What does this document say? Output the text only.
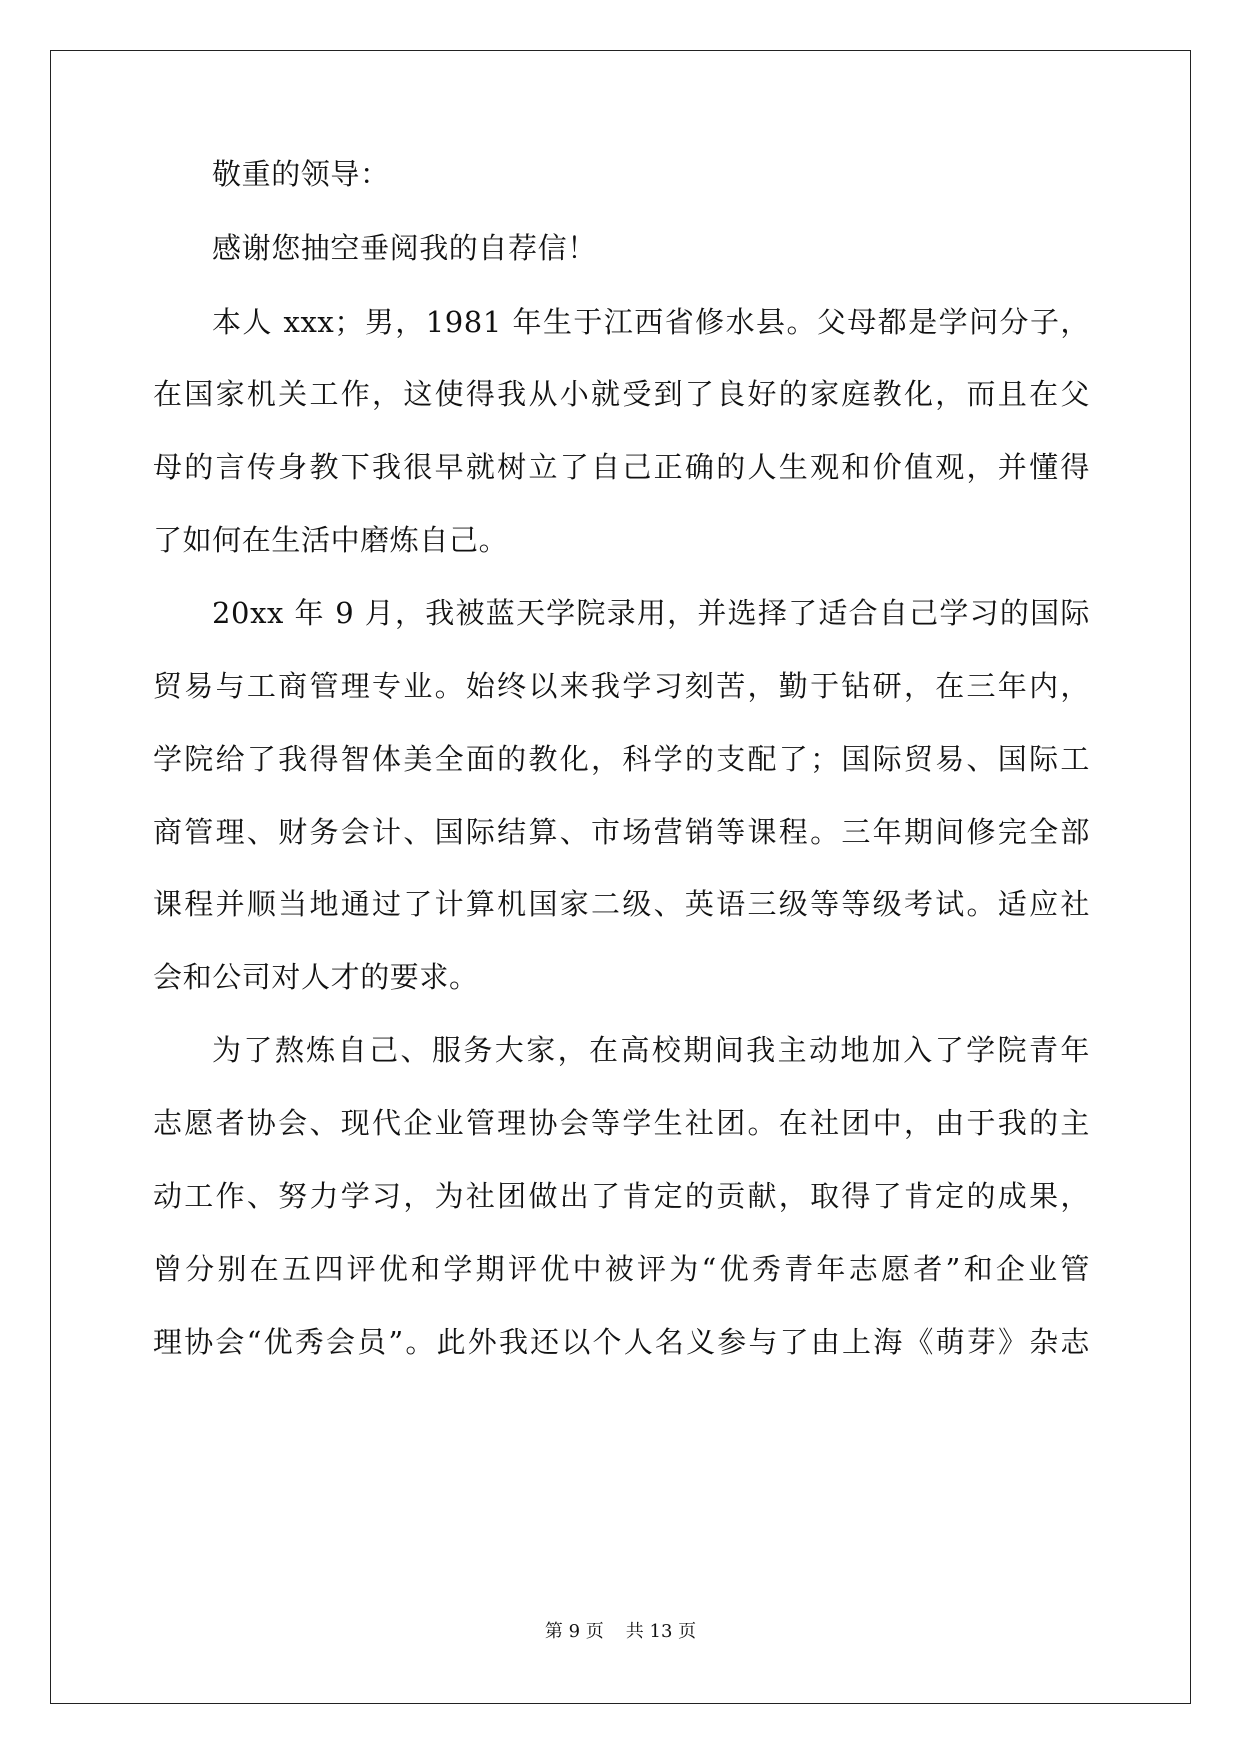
敬重的领导：
感谢您抽空垂阅我的自荐信！
本人 xxx；男，1981 年生于江西省修水县。父母都是学问分子，
在国家机关工作，这使得我从小就受到了良好的家庭教化，而且在父
母的言传身教下我很早就树立了自己正确的人生观和价值观，并懂得
了如何在生活中磨炼自己。
20xx 年 9 月，我被蓝天学院录用，并选择了适合自己学习的国际
贸易与工商管理专业。始终以来我学习刻苦，勤于钻研，在三年内，
学院给了我得智体美全面的教化，科学的支配了；国际贸易、国际工
商管理、财务会计、国际结算、市场营销等课程。三年期间修完全部
课程并顺当地通过了计算机国家二级、英语三级等等级考试。适应社
会和公司对人才的要求。
为了熬炼自己、服务大家，在高校期间我主动地加入了学院青年
志愿者协会、现代企业管理协会等学生社团。在社团中，由于我的主
动工作、努力学习，为社团做出了肯定的贡献，取得了肯定的成果，
曾分别在五四评优和学期评优中被评为“优秀青年志愿者”和企业管
理协会“优秀会员”。此外我还以个人名义参与了由上海《萌芽》杂志
第 9 页 共 13 页
